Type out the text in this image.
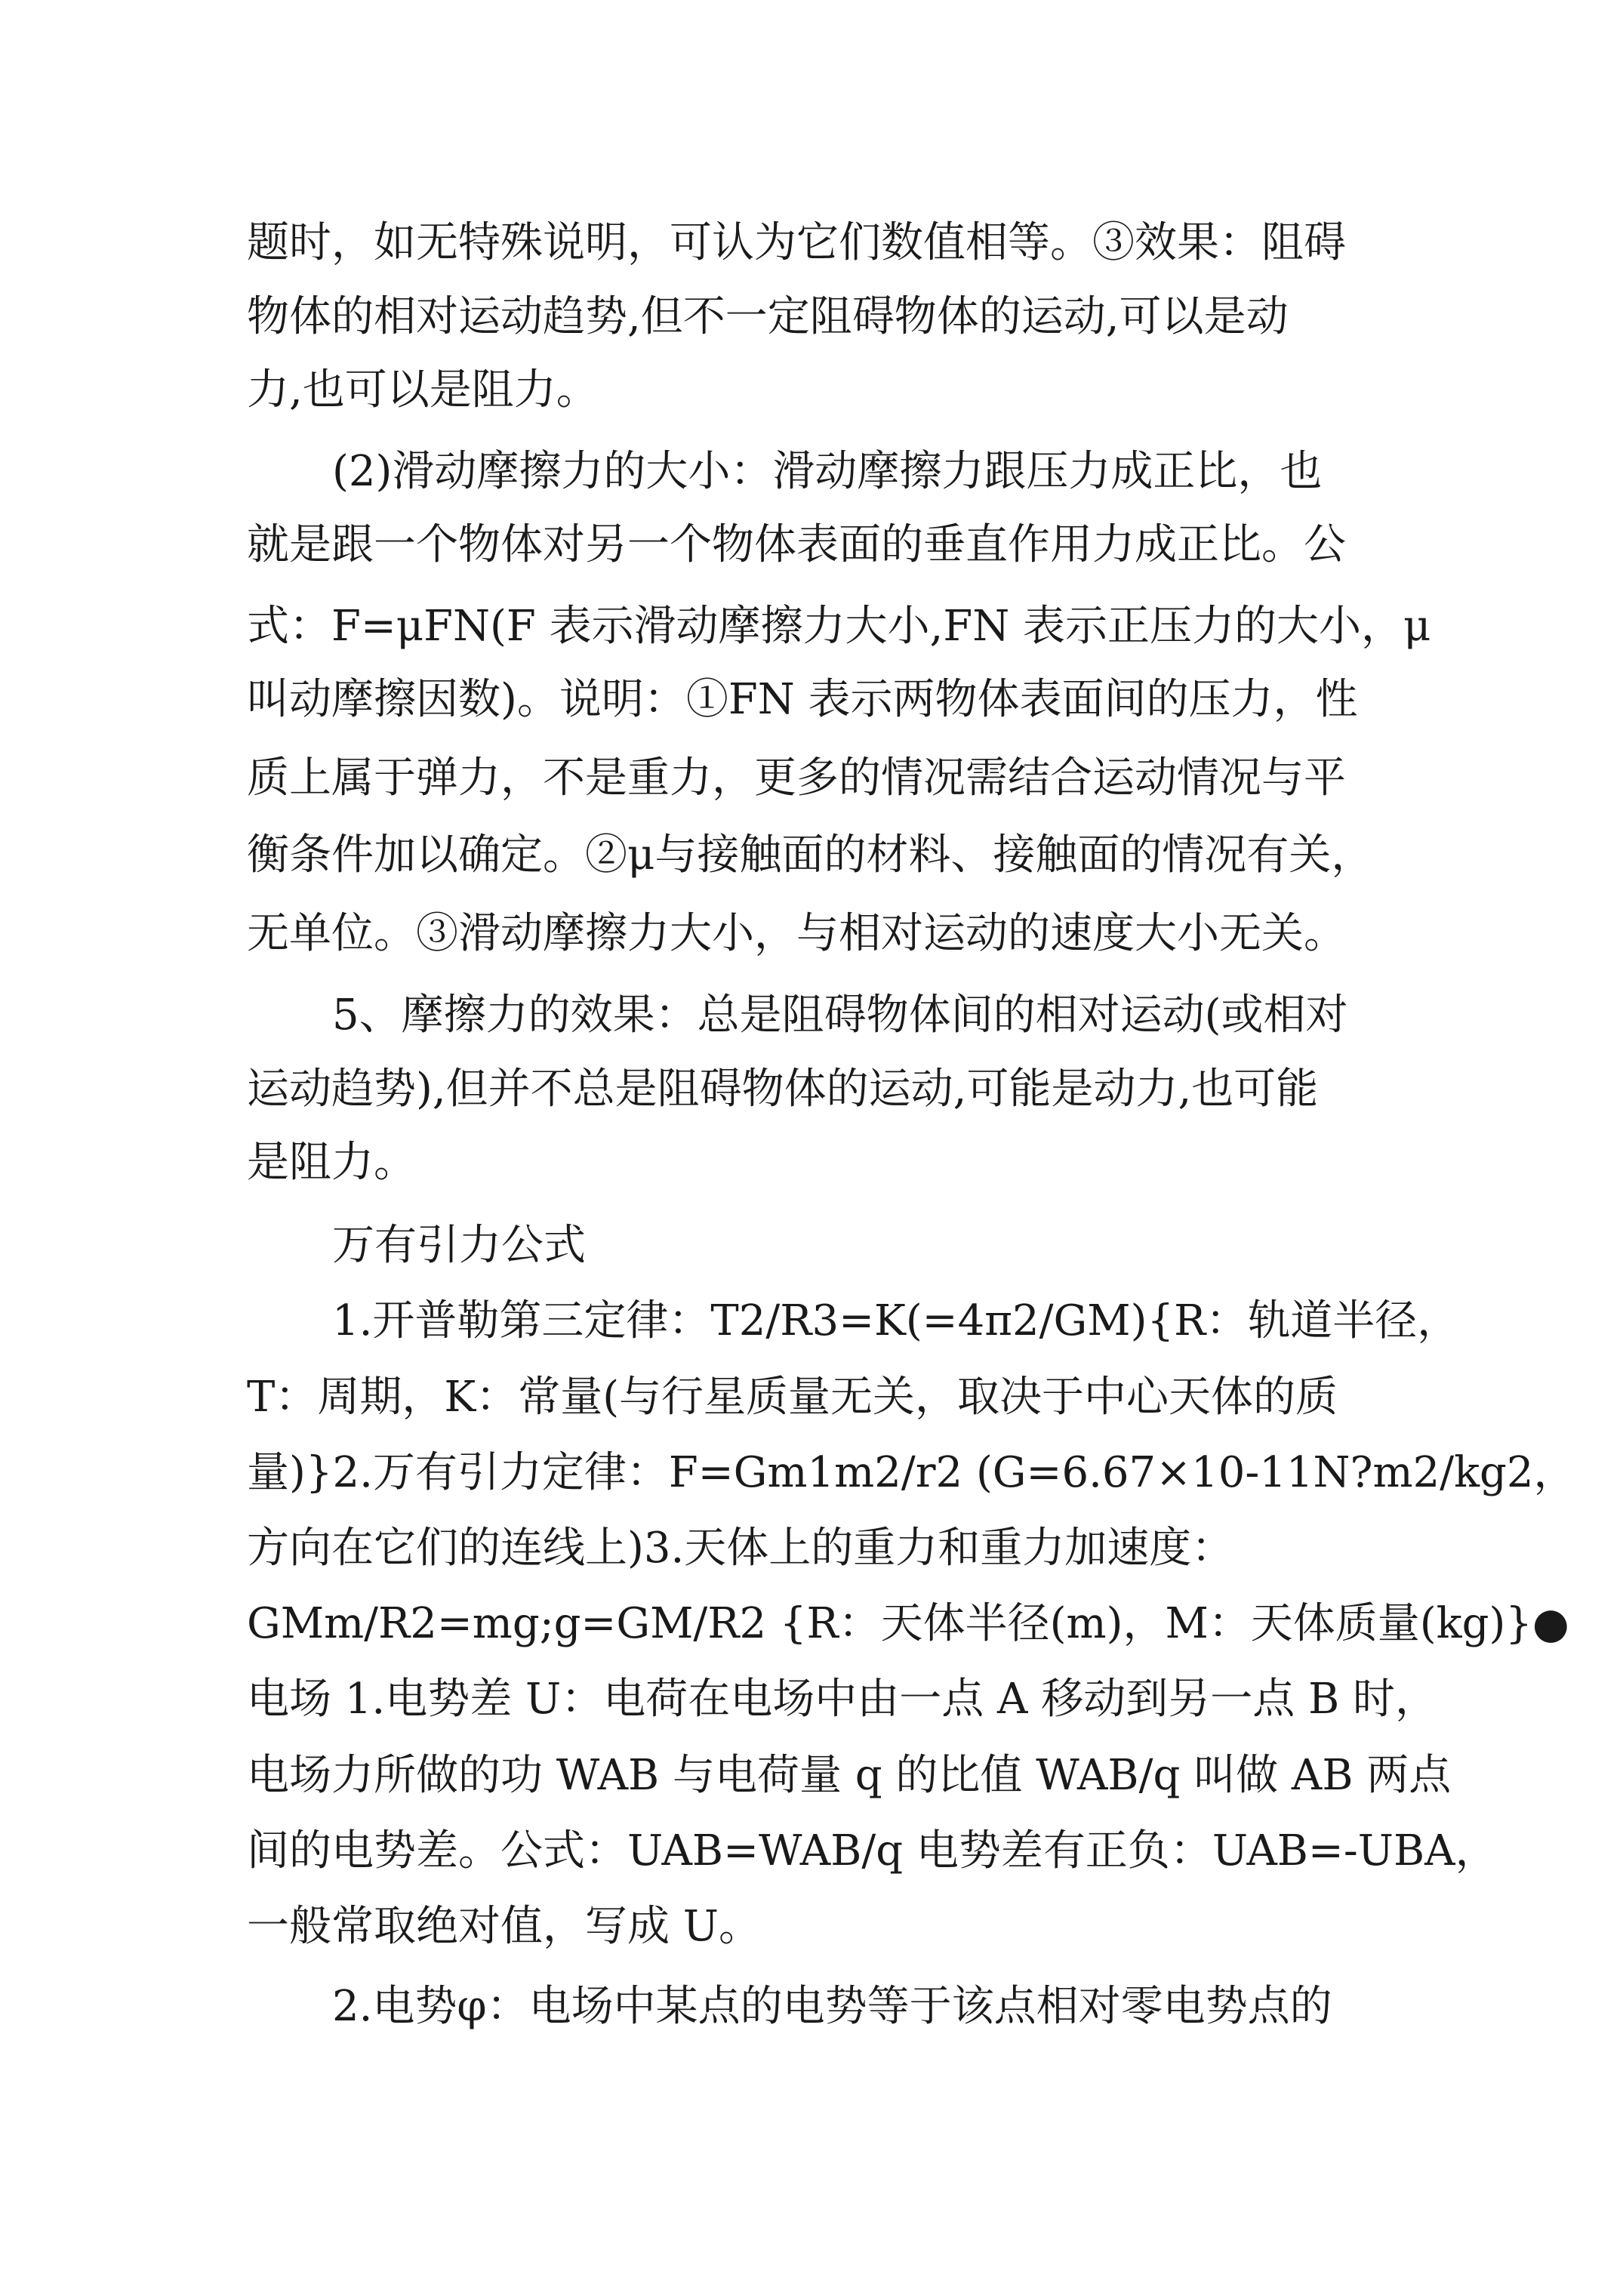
题时，如无特殊说明，可认为它们数值相等。③效果：阻碍

物体的相对运动趋势,但不一定阻碍物体的运动,可以是动

力,也可以是阻力。

(2)滑动摩擦力的大小：滑动摩擦力跟压力成正比，也

就是跟一个物体对另一个物体表面的垂直作用力成正比。公

式：F=μFN(F 表示滑动摩擦力大小,FN 表示正压力的大小，μ

叫动摩擦因数)。说明：①FN 表示两物体表面间的压力，性

质上属于弹力，不是重力，更多的情况需结合运动情况与平

衡条件加以确定。②μ与接触面的材料、接触面的情况有关，

无单位。③滑动摩擦力大小，与相对运动的速度大小无关。

5、摩擦力的效果：总是阻碍物体间的相对运动(或相对

运动趋势),但并不总是阻碍物体的运动,可能是动力,也可能

是阻力。

万有引力公式

1.开普勒第三定律：T2/R3=K(=4π2/GM){R：轨道半径，

T：周期，K：常量(与行星质量无关，取决于中心天体的质

量)}2.万有引力定律：F=Gm1m2/r2 (G=6.67×10-11N?m2/kg2，

方向在它们的连线上)3.天体上的重力和重力加速度：

GMm/R2=mg;g=GM/R2 {R：天体半径(m)，M：天体质量(kg)}●

电场 1.电势差 U：电荷在电场中由一点 A 移动到另一点 B 时，

电场力所做的功 WAB 与电荷量 q 的比值 WAB/q 叫做 AB 两点

间的电势差。公式：UAB=WAB/q 电势差有正负：UAB=-UBA，

一般常取绝对值，写成 U。

2.电势φ：电场中某点的电势等于该点相对零电势点的
